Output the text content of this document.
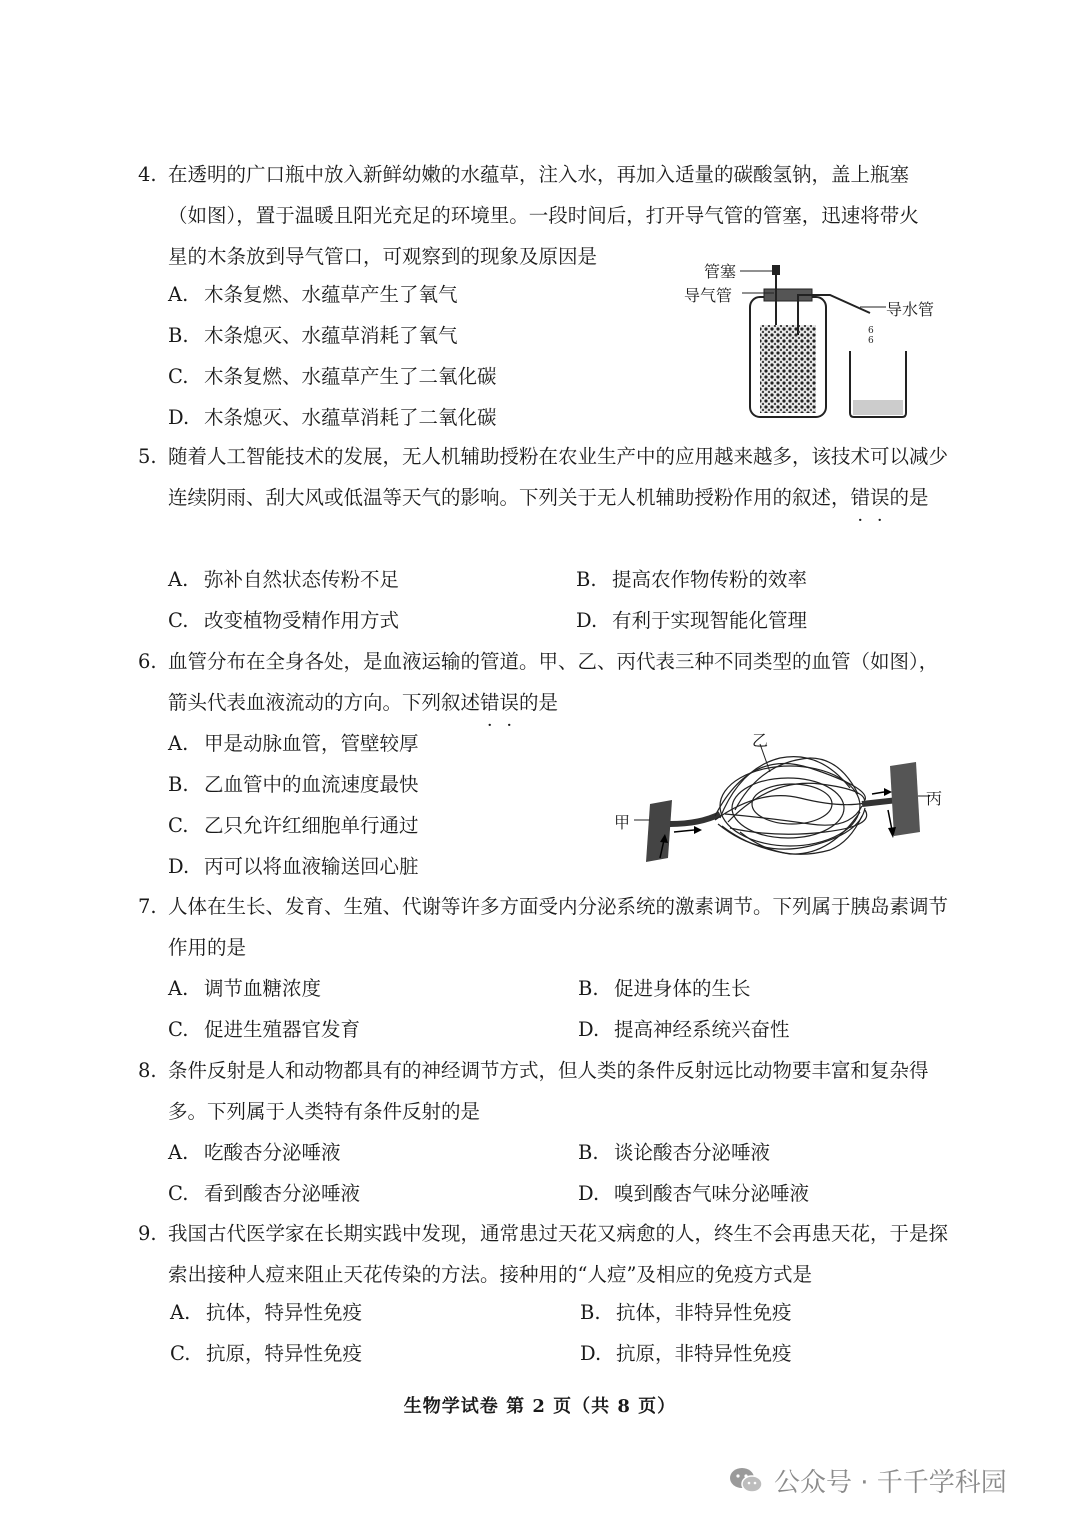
4. 在透明的广口瓶中放入新鲜幼嫩的水蕴草，注入水，再加入适量的碳酸氢钠，盖上瓶塞（如图），置于温暖且阳光充足的环境里。一段时间后，打开导气管的管塞，迅速将带火星的木条放到导气管口，可观察到的现象及原因是
A. 木条复燃、水蕴草产生了氧气
B. 木条熄灭、水蕴草消耗了氧气
C. 木条复燃、水蕴草产生了二氧化碳
D. 木条熄灭、水蕴草消耗了二氧化碳
6
6
管塞
导气管
导水管
5. 随着人工智能技术的发展，无人机辅助授粉在农业生产中的应用越来越多，该技术可以减少连续阴雨、刮大风或低温等天气的影响。下列关于无人机辅助授粉作用的叙述，错
·
误
·
的是
A. 弥补自然状态传粉不足	B. 提高农作物传粉的效率
C. 改变植物受精作用方式	D. 有利于实现智能化管理
6. 血管分布在全身各处，是血液运输的管道。甲、乙、丙代表三种不同类型的血管（如图），箭头代表血液流动的方向。下列叙述错
·
误
·
的是
A. 甲是动脉血管，管壁较厚
B. 乙血管中的血流速度最快
C. 乙只允许红细胞单行通过
D. 丙可以将血液输送回心脏
乙
丙
甲
7. 人体在生长、发育、生殖、代谢等许多方面受内分泌系统的激素调节。下列属于胰岛素调节作用的是
A. 调节血糖浓度	B. 促进身体的生长
C. 促进生殖器官发育	D. 提高神经系统兴奋性
8. 条件反射是人和动物都具有的神经调节方式，但人类的条件反射远比动物要丰富和复杂得多。下列属于人类特有条件反射的是
A. 吃酸杏分泌唾液	B. 谈论酸杏分泌唾液
C. 看到酸杏分泌唾液	D. 嗅到酸杏气味分泌唾液
9. 我国古代医学家在长期实践中发现，通常患过天花又病愈的人，终生不会再患天花，于是探索出接种人痘来阻止天花传染的方法。接种用的“人痘”及相应的免疫方式是
A. 抗体，特异性免疫	B. 抗体，非特异性免疫
C. 抗原，特异性免疫	D. 抗原，非特异性免疫
生物学试卷 第 2 页（共 8 页）
公众号 · 千千学科园
